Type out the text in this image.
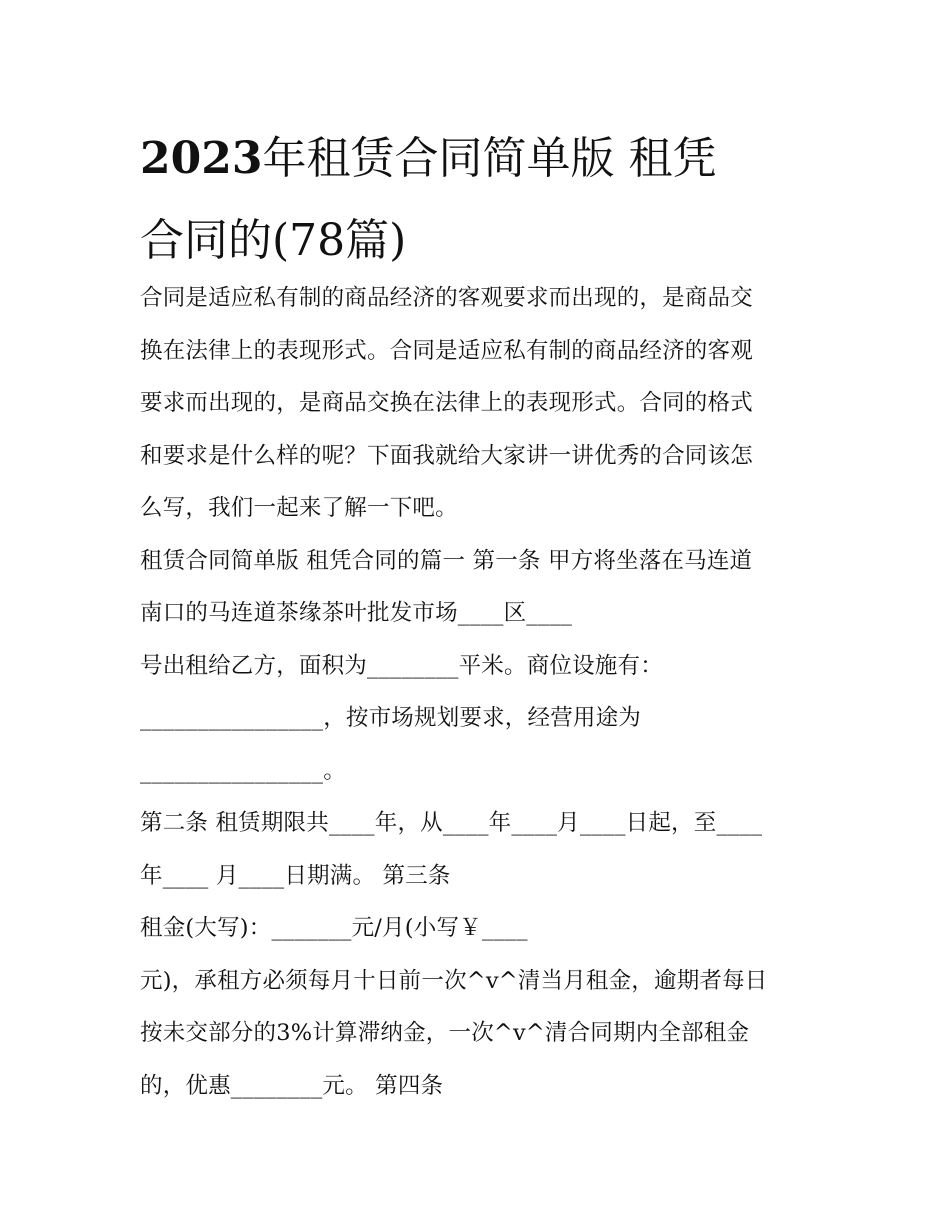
2023年租赁合同简单版 租凭
合同的(78篇)
合同是适应私有制的商品经济的客观要求而出现的，是商品交
换在法律上的表现形式。合同是适应私有制的商品经济的客观
要求而出现的，是商品交换在法律上的表现形式。合同的格式
和要求是什么样的呢？下面我就给大家讲一讲优秀的合同该怎
么写，我们一起来了解一下吧。
租赁合同简单版 租凭合同的篇一 第一条 甲方将坐落在马连道
南口的马连道茶缘茶叶批发市场____区____
号出租给乙方，面积为________平米。商位设施有：
________________，按市场规划要求，经营用途为
________________。
第二条 租赁期限共____年，从____年____月____日起，至____
年____ 月____日期满。 第三条
租金(大写)：_______元/月(小写￥____
元)，承租方必须每月十日前一次^v^清当月租金，逾期者每日
按未交部分的3%计算滞纳金，一次^v^清合同期内全部租金
的，优惠________元。 第四条
